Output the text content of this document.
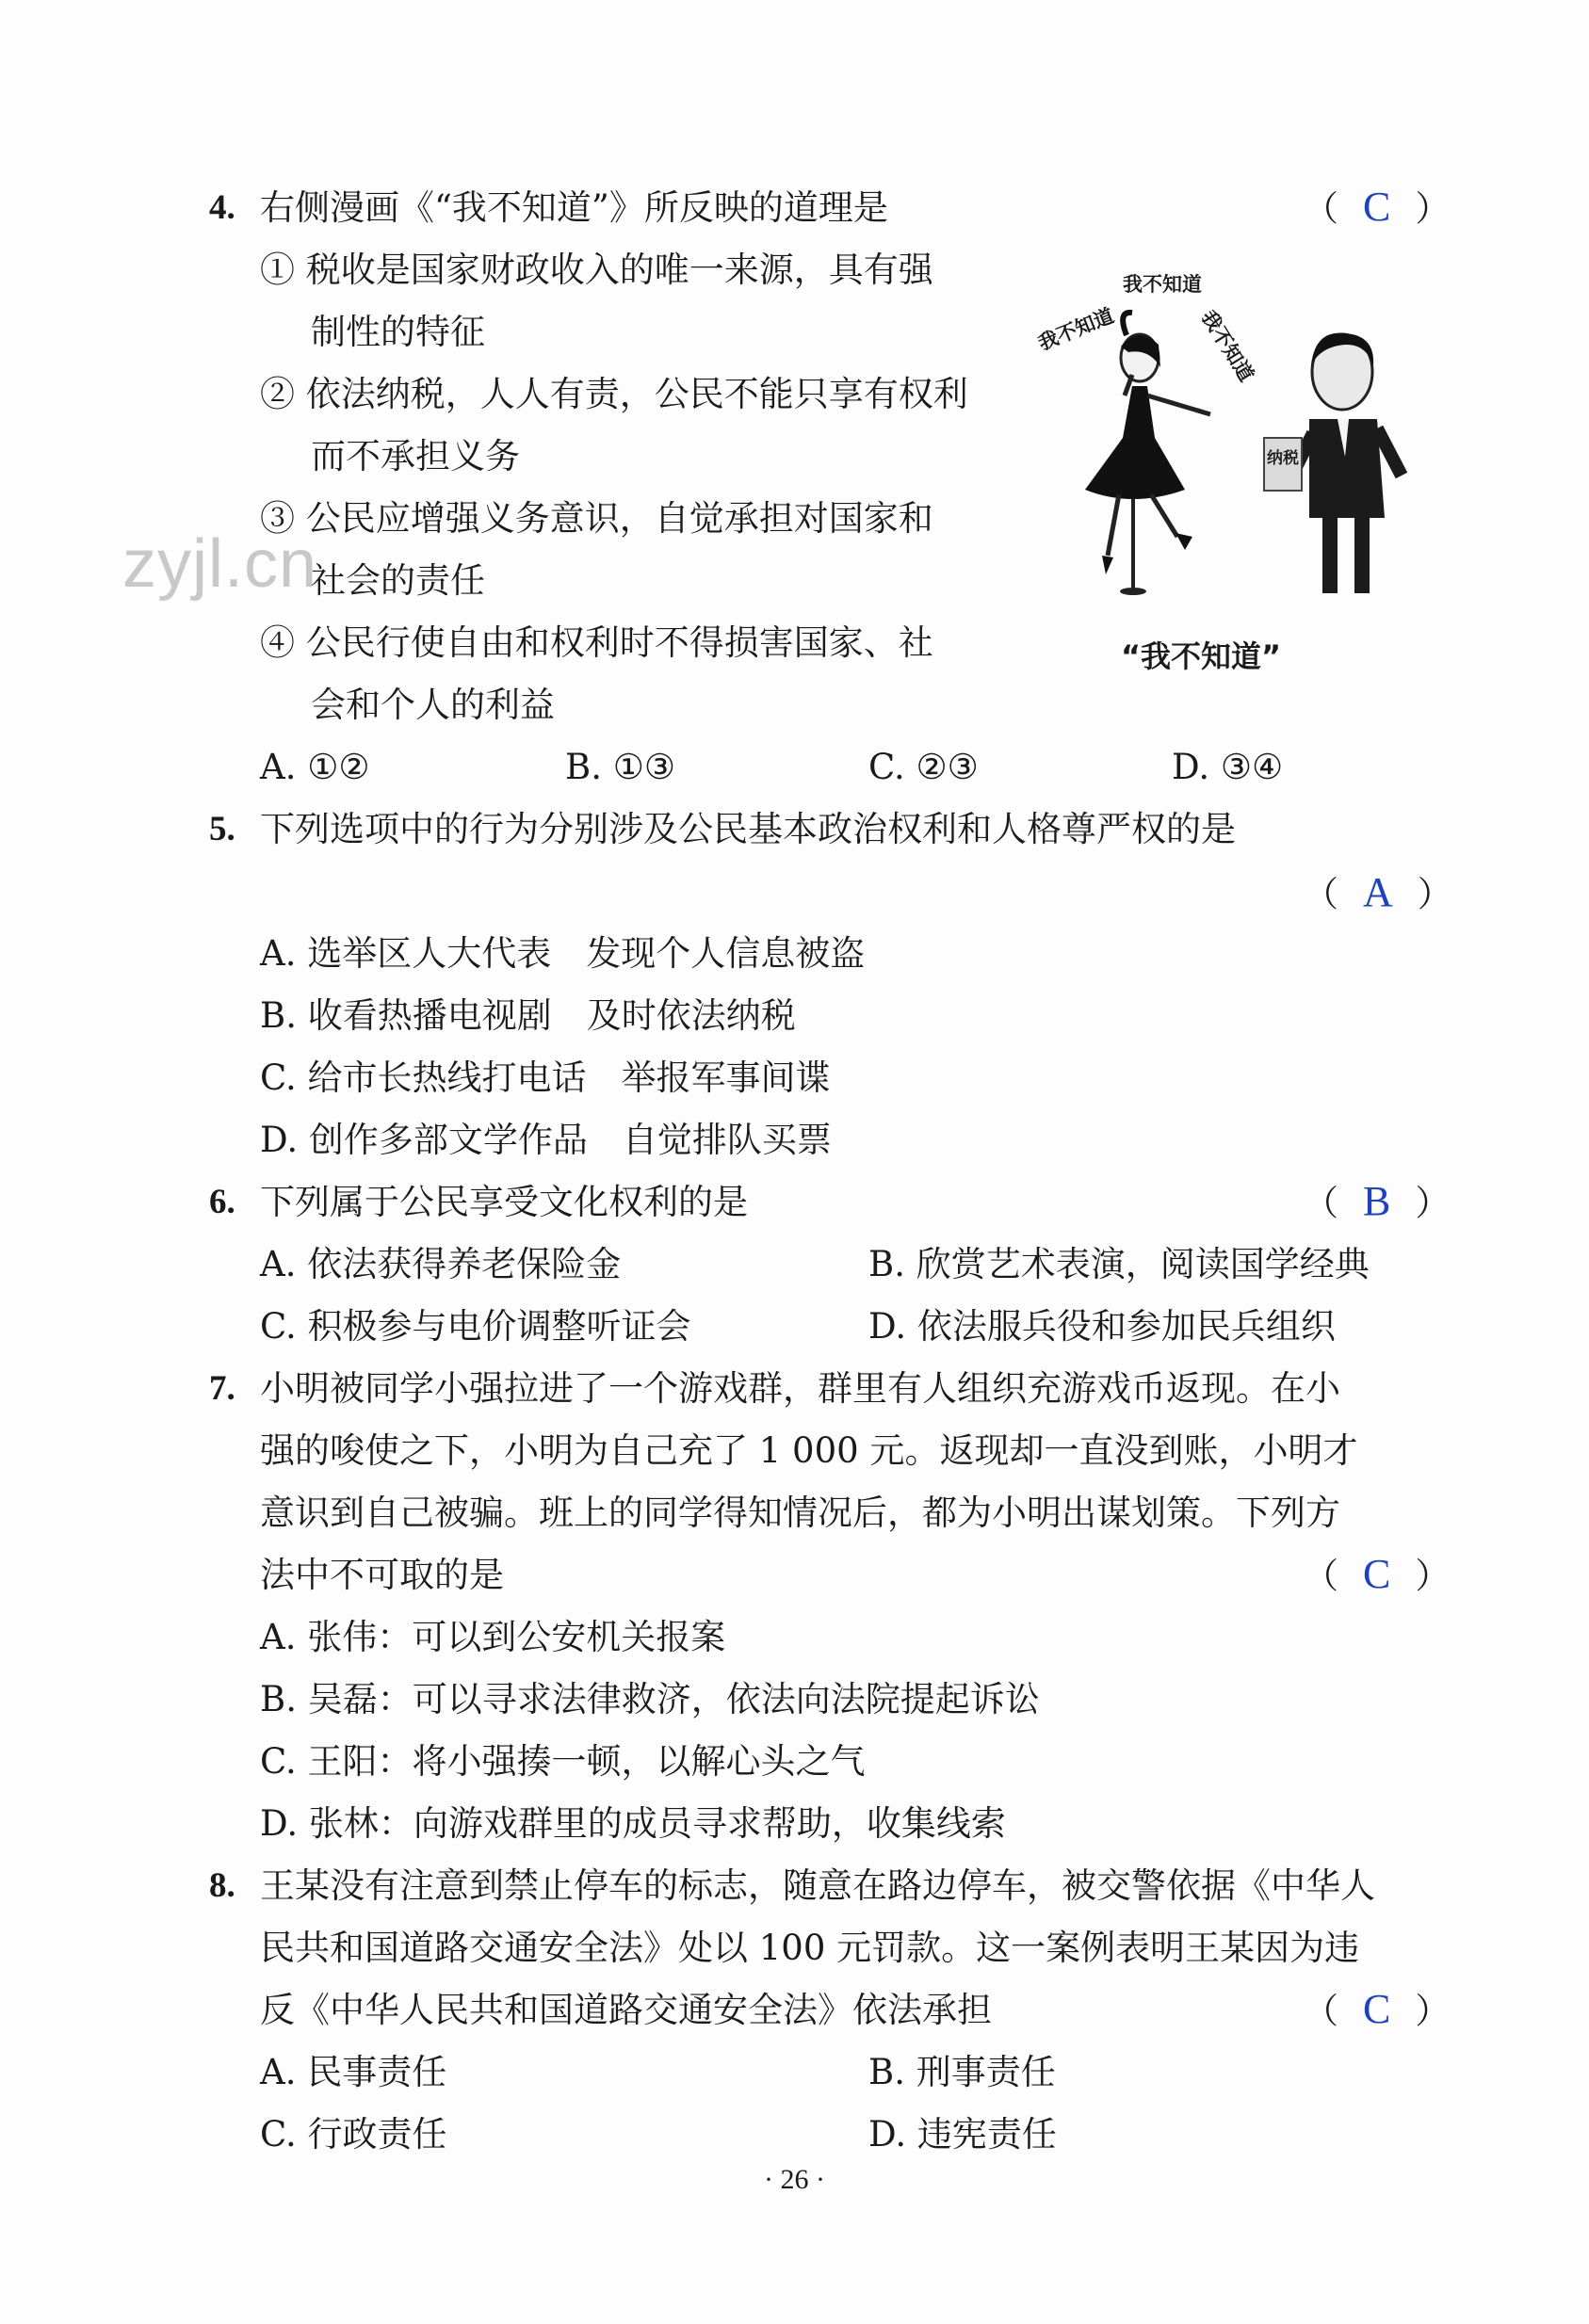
zyjl.cn
4. 右侧漫画《“我不知道”》所反映的道理是	（ C ）
① 税收是国家财政收入的唯一来源，具有强
制性的特征
② 依法纳税，人人有责，公民不能只享有权利
而不承担义务
③ 公民应增强义务意识，自觉承担对国家和
社会的责任
④ 公民行使自由和权利时不得损害国家、社
会和个人的利益
A. ①②	B. ①③	C. ②③	D. ③④
我不知道
我不知道	我不知道
纳税
“我不知道”
5. 下列选项中的行为分别涉及公民基本政治权利和人格尊严权的是
（ A ）
A. 选举区人大代表　发现个人信息被盗
B. 收看热播电视剧　及时依法纳税
C. 给市长热线打电话　举报军事间谍
D. 创作多部文学作品　自觉排队买票
6. 下列属于公民享受文化权利的是	（ B ）
A. 依法获得养老保险金	B. 欣赏艺术表演，阅读国学经典
C. 积极参与电价调整听证会	D. 依法服兵役和参加民兵组织
7. 小明被同学小强拉进了一个游戏群，群里有人组织充游戏币返现。在小
强的唆使之下，小明为自己充了 1 000 元。返现却一直没到账，小明才
意识到自己被骗。班上的同学得知情况后，都为小明出谋划策。下列方
法中不可取的是	（ C ）
A. 张伟：可以到公安机关报案
B. 吴磊：可以寻求法律救济，依法向法院提起诉讼
C. 王阳：将小强揍一顿，以解心头之气
D. 张林：向游戏群里的成员寻求帮助，收集线索
8. 王某没有注意到禁止停车的标志，随意在路边停车，被交警依据《中华人
民共和国道路交通安全法》处以 100 元罚款。这一案例表明王某因为违
反《中华人民共和国道路交通安全法》依法承担	（ C ）
A. 民事责任	B. 刑事责任
C. 行政责任	D. 违宪责任
· 26 ·
